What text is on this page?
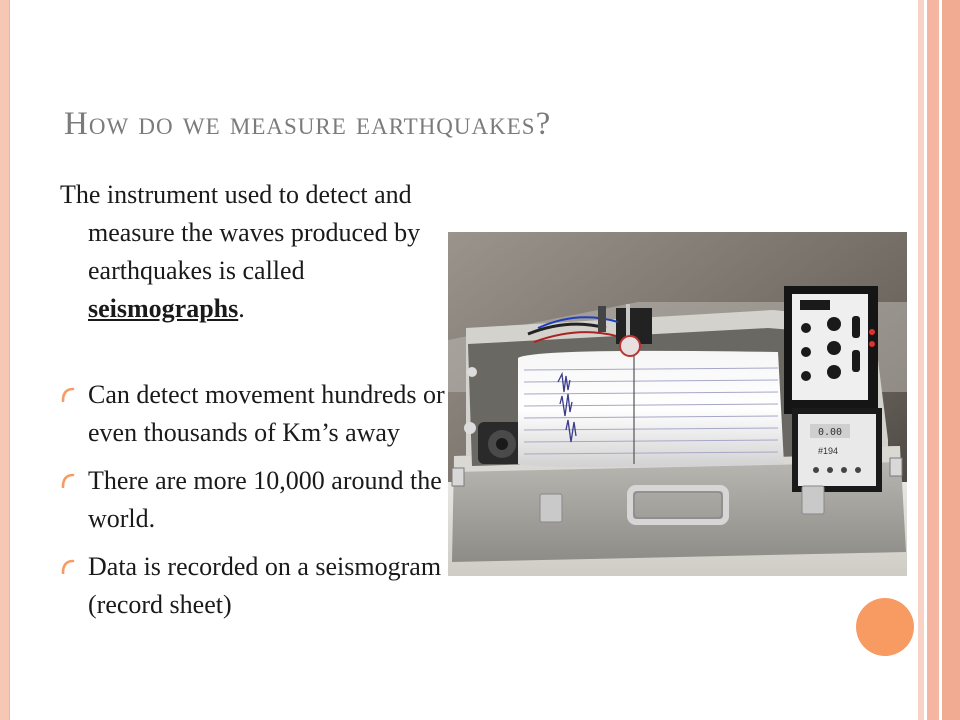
How do we measure earthquakes?

The instrument used to detect and measure the waves produced by earthquakes is called seismographs.

Can detect movement hundreds or even thousands of Km’s away
There are more 10,000 around the world.
Data is recorded on a seismogram (record sheet)
0.00
#194
